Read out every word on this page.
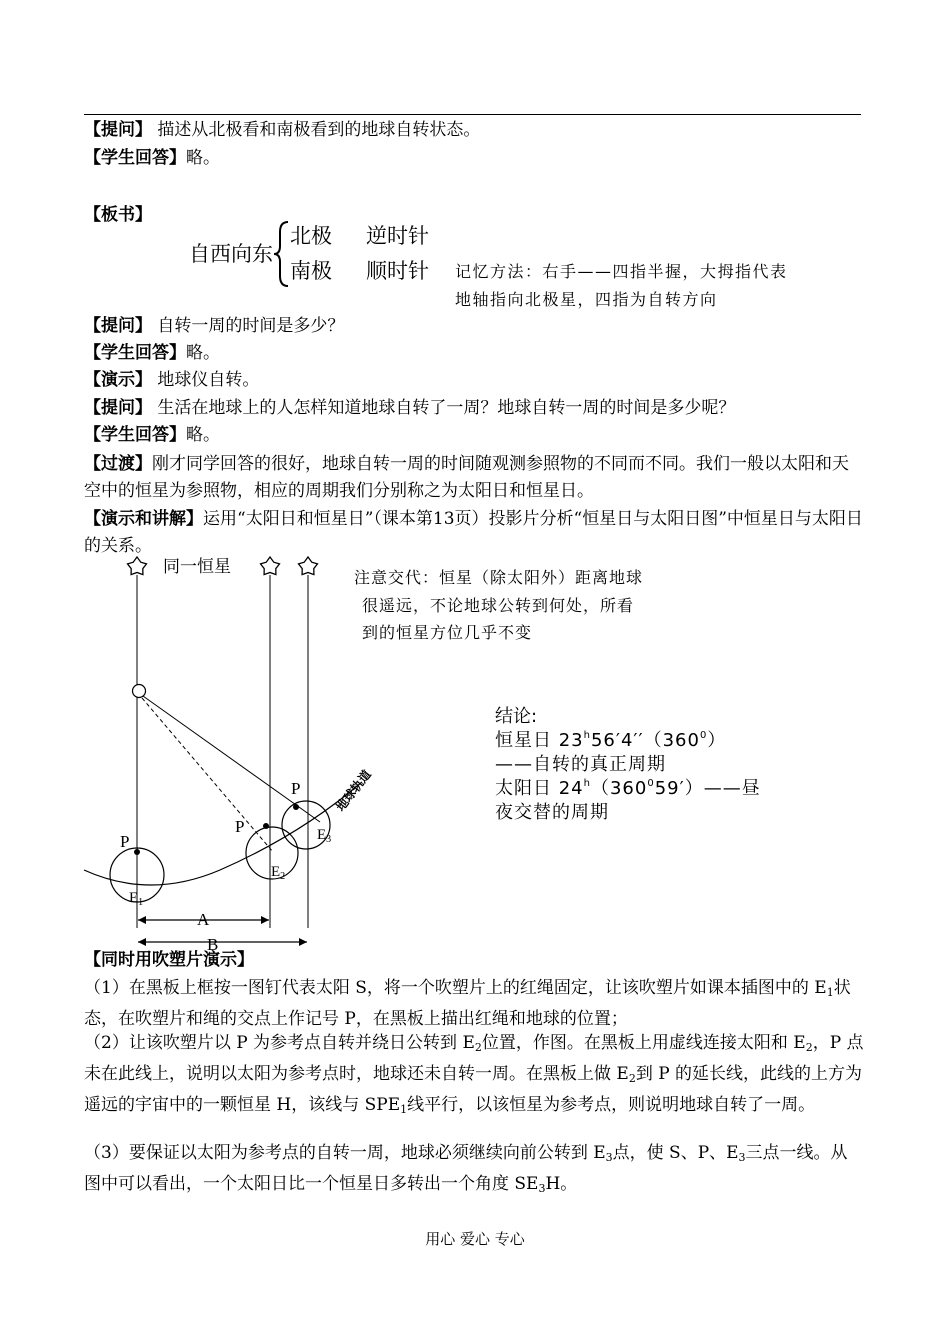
【提问】 描述从北极看和南极看到的地球自转状态。
【学生回答】略。
【板书】
自西向东
北极 逆时针
南极 顺时针 记忆方法：右手——四指半握，大拇指代表
地轴指向北极星，四指为自转方向
【提问】 自转一周的时间是多少？
【学生回答】略。
【演示】 地球仪自转。
【提问】 生活在地球上的人怎样知道地球自转了一周？地球自转一周的时间是多少呢？
【学生回答】略。
【过渡】刚才同学回答的很好，地球自转一周的时间随观测参照物的不同而不同。我们一般以太阳和天空中的恒星为参照物，相应的周期我们分别称之为太阳日和恒星日。
【演示和讲解】运用“太阳日和恒星日”（课本第13页）投影片分析“恒星日与太阳日图”中恒星日与太阳日的关系。
同一恒星
地球轨道
P
$E_1$
P
$E_2$
P
$E_3$
A
B
注意交代：恒星（除太阳外）距离地球
很遥远，不论地球公转到何处，所看
到的恒星方位几乎不变
结论:
恒星日 $23^h56'4''(360^0)$
——自转的真正周期
太阳日 $24^h(360^059')——$昼
夜交替的周期
【同时用吹塑片演示】
（1）在黑板上框按一图钉代表太阳 S，将一个吹塑片上的红绳固定，让该吹塑片如课本插图中的 $E_1$状态，在吹塑片和绳的交点上作记号 P，在黑板上描出红绳和地球的位置；
（2）让该吹塑片以 P 为参考点自转并绕日公转到 $E_2$位置，作图。在黑板上用虚线连接太阳和 $E_2$，P 点未在此线上，说明以太阳为参考点时，地球还未自转一周。在黑板上做 $E_2$到 P 的延长线，此线的上方为遥远的宇宙中的一颗恒星 H，该线与 $SPE_1$线平行，以该恒星为参考点，则说明地球自转了一周。
（3）要保证以太阳为参考点的自转一周，地球必须继续向前公转到 $E_3$点，使 S、P、$E_3$三点一线。从图中可以看出，一个太阳日比一个恒星日多转出一个角度 $SE_3H$。
用心 爱心 专心
